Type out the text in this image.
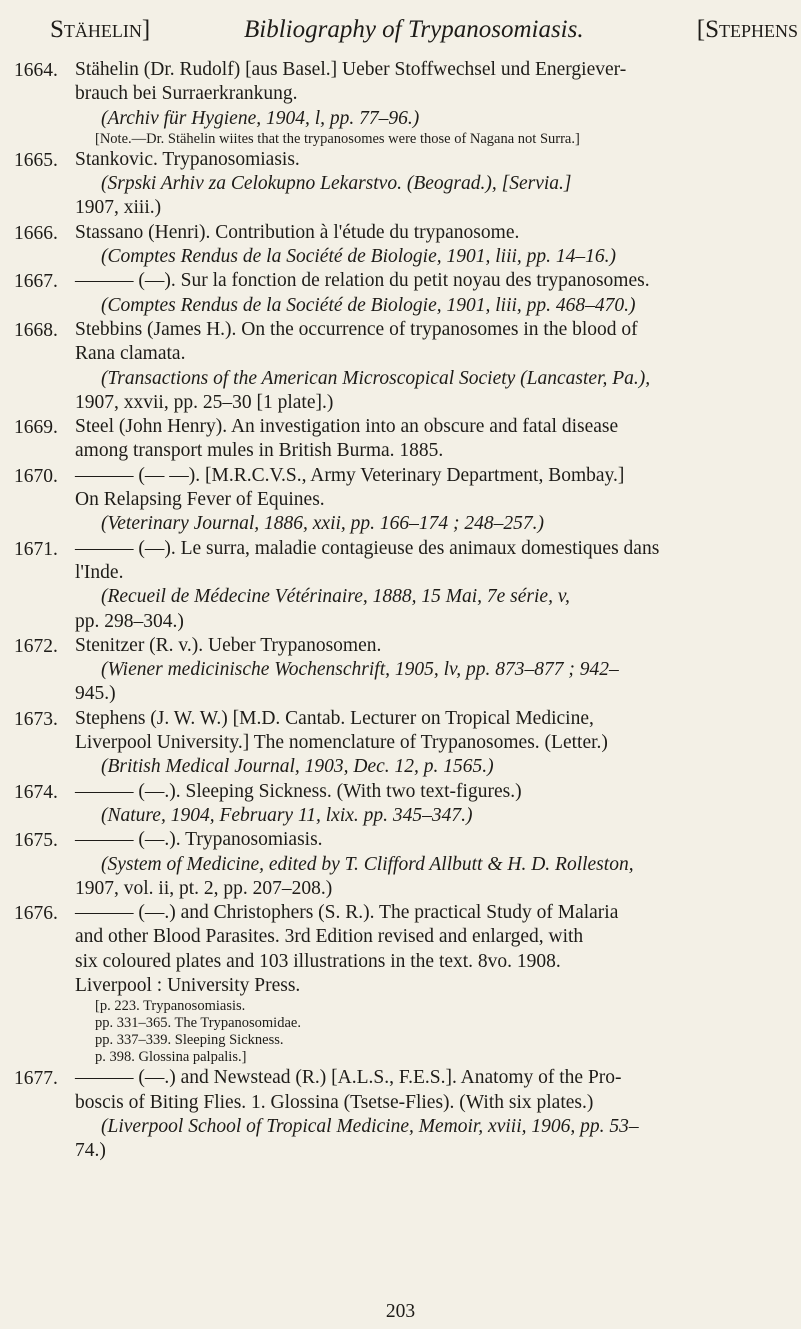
Stähelin]	Bibliography of Trypanosomiasis.	[Stephens
1664. Stähelin (Dr. Rudolf) [aus Basel.] Ueber Stoffwechsel und Energiever-
brauch bei Surraerkrankung.
(Archiv für Hygiene, 1904, l, pp. 77–96.)
[Note.—Dr. Stähelin wiites that the trypanosomes were those of Nagana not Surra.]
1665. Stankovic. Trypanosomiasis.
(Srpski Arhiv za Celokupno Lekarstvo. (Beograd.), [Servia.]
1907, xiii.)
1666. Stassano (Henri). Contribution à l'étude du trypanosome.
(Comptes Rendus de la Société de Biologie, 1901, liii, pp. 14–16.)
1667. ——— (—). Sur la fonction de relation du petit noyau des trypanosomes.
(Comptes Rendus de la Société de Biologie, 1901, liii, pp. 468–470.)
1668. Stebbins (James H.). On the occurrence of trypanosomes in the blood of
Rana clamata.
(Transactions of the American Microscopical Society (Lancaster, Pa.),
1907, xxvii, pp. 25–30 [1 plate].)
1669. Steel (John Henry). An investigation into an obscure and fatal disease
among transport mules in British Burma. 1885.
1670. ——— (— —). [M.R.C.V.S., Army Veterinary Department, Bombay.]
On Relapsing Fever of Equines.
(Veterinary Journal, 1886, xxii, pp. 166–174 ; 248–257.)
1671. ——— (—). Le surra, maladie contagieuse des animaux domestiques dans
l'Inde.
(Recueil de Médecine Vétérinaire, 1888, 15 Mai, 7e série, v,
pp. 298–304.)
1672. Stenitzer (R. v.). Ueber Trypanosomen.
(Wiener medicinische Wochenschrift, 1905, lv, pp. 873–877 ; 942–
945.)
1673. Stephens (J. W. W.) [M.D. Cantab. Lecturer on Tropical Medicine,
Liverpool University.] The nomenclature of Trypanosomes. (Letter.)
(British Medical Journal, 1903, Dec. 12, p. 1565.)
1674. ——— (—.). Sleeping Sickness. (With two text-figures.)
(Nature, 1904, February 11, lxix. pp. 345–347.)
1675. ——— (—.). Trypanosomiasis.
(System of Medicine, edited by T. Clifford Allbutt & H. D. Rolleston,
1907, vol. ii, pt. 2, pp. 207–208.)
1676. ——— (—.) and Christophers (S. R.). The practical Study of Malaria
and other Blood Parasites. 3rd Edition revised and enlarged, with
six coloured plates and 103 illustrations in the text. 8vo. 1908.
Liverpool : University Press.
[p. 223. Trypanosomiasis.
pp. 331–365. The Trypanosomidae.
pp. 337–339. Sleeping Sickness.
p. 398. Glossina palpalis.]
1677. ——— (—.) and Newstead (R.) [A.L.S., F.E.S.]. Anatomy of the Pro-
boscis of Biting Flies. 1. Glossina (Tsetse-Flies). (With six plates.)
(Liverpool School of Tropical Medicine, Memoir, xviii, 1906, pp. 53–
74.)
203
